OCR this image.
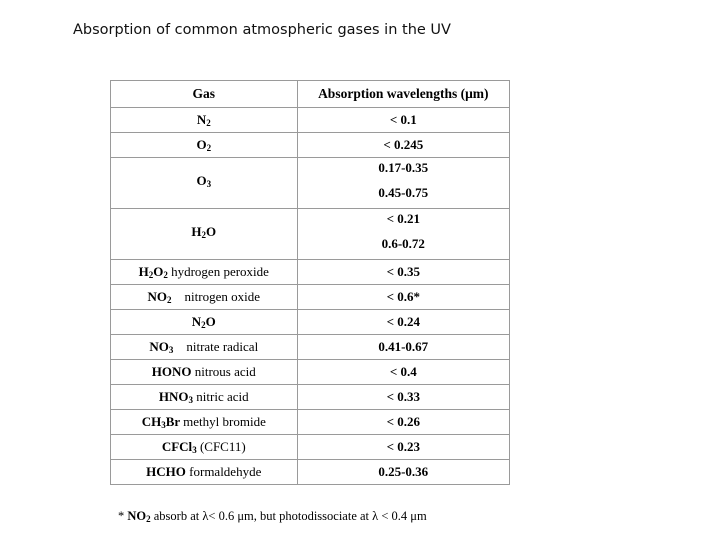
Absorption of common atmospheric gases in the UV
Gas	Absorption wavelengths (μm)
$N_2$	< 0.1
$O_2$	< 0.245

$O_3$	0.17-0.35
0.45-0.75

$H_2O$	< 0.21
0.6-0.72

$H_2O_2$ hydrogen peroxide	< 0.35
$NO_2$  nitrogen oxide	< 0.6*
$N_2O$	< 0.24
$NO_3$  nitrate radical	0.41-0.67
HONO nitrous acid	< 0.4
$HNO_3$ nitric acid	< 0.33
$CH_3Br$ methyl bromide	< 0.26
CFCl$_3$ (CFC11)	< 0.23
HCHO formaldehyde	0.25-0.36
* $NO_2$ absorb at λ< 0.6 μm, but photodissociate at λ < 0.4 μm
